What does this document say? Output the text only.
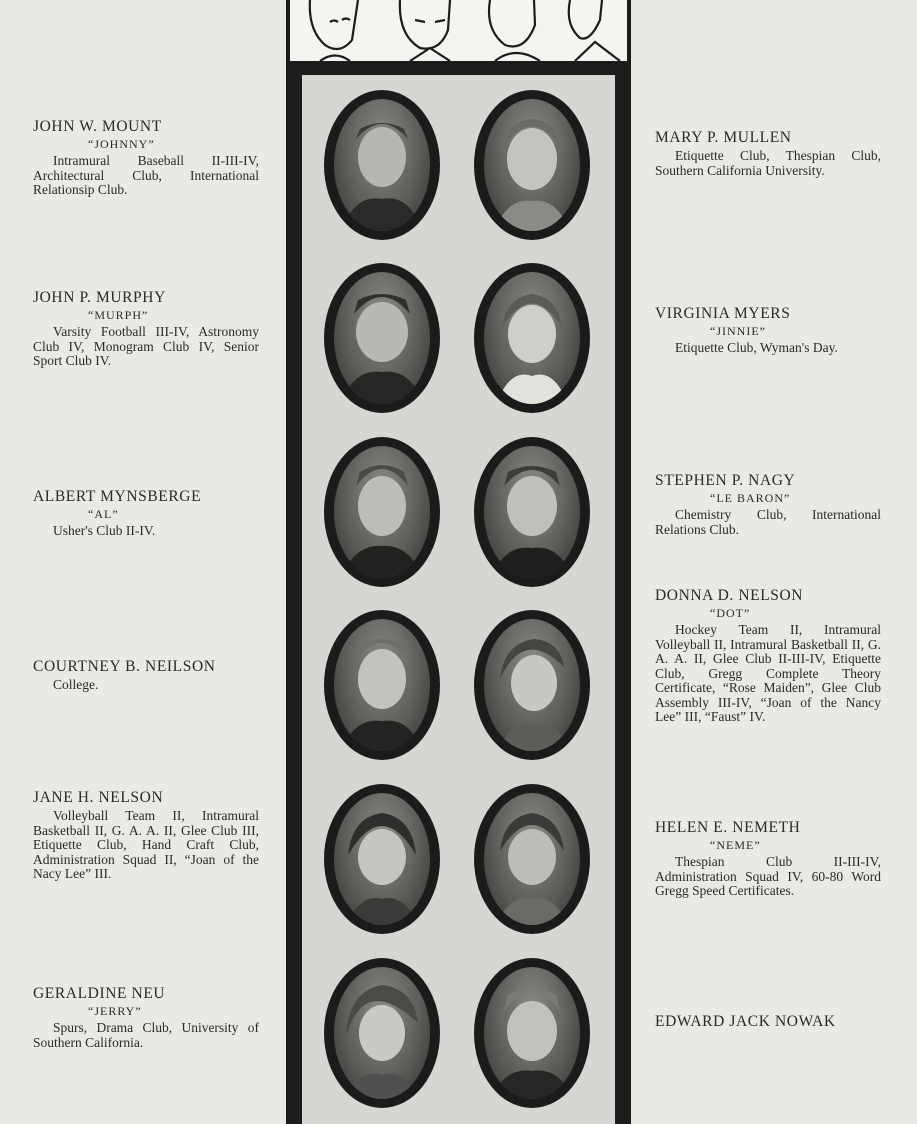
JOHN W. MOUNT
“JOHNNY”
Intramural Baseball II-III-IV, Architectural Club, International Relationsip Club.
JOHN P. MURPHY
“MURPH”
Varsity Football III-IV, Astronomy Club IV, Monogram Club IV, Senior Sport Club IV.
ALBERT MYNSBERGE
“AL”
Usher's Club II-IV.
COURTNEY B. NEILSON
College.
JANE H. NELSON
Volleyball Team II, Intramural Basketball II, G. A. A. II, Glee Club III, Etiquette Club, Hand Craft Club, Administration Squad II, “Joan of the Nacy Lee” III.
GERALDINE NEU
“JERRY”
Spurs, Drama Club, University of Southern California.
MARY P. MULLEN
Etiquette Club, Thespian Club, Southern California University.
VIRGINIA MYERS
“JINNIE”
Etiquette Club, Wyman's Day.
STEPHEN P. NAGY
“LE BARON”
Chemistry Club, International Relations Club.
DONNA D. NELSON
“DOT”
Hockey Team II, Intramural Volleyball II, Intramural Basketball II, G. A. A. II, Glee Club II-III-IV, Etiquette Club, Gregg Complete Theory Certificate, “Rose Maiden”, Glee Club Assembly III-IV, “Joan of the Nancy Lee” III, “Faust” IV.
HELEN E. NEMETH
“NEME”
Thespian Club II-III-IV, Administration Squad IV, 60-80 Word Gregg Speed Certificates.
EDWARD JACK NOWAK
